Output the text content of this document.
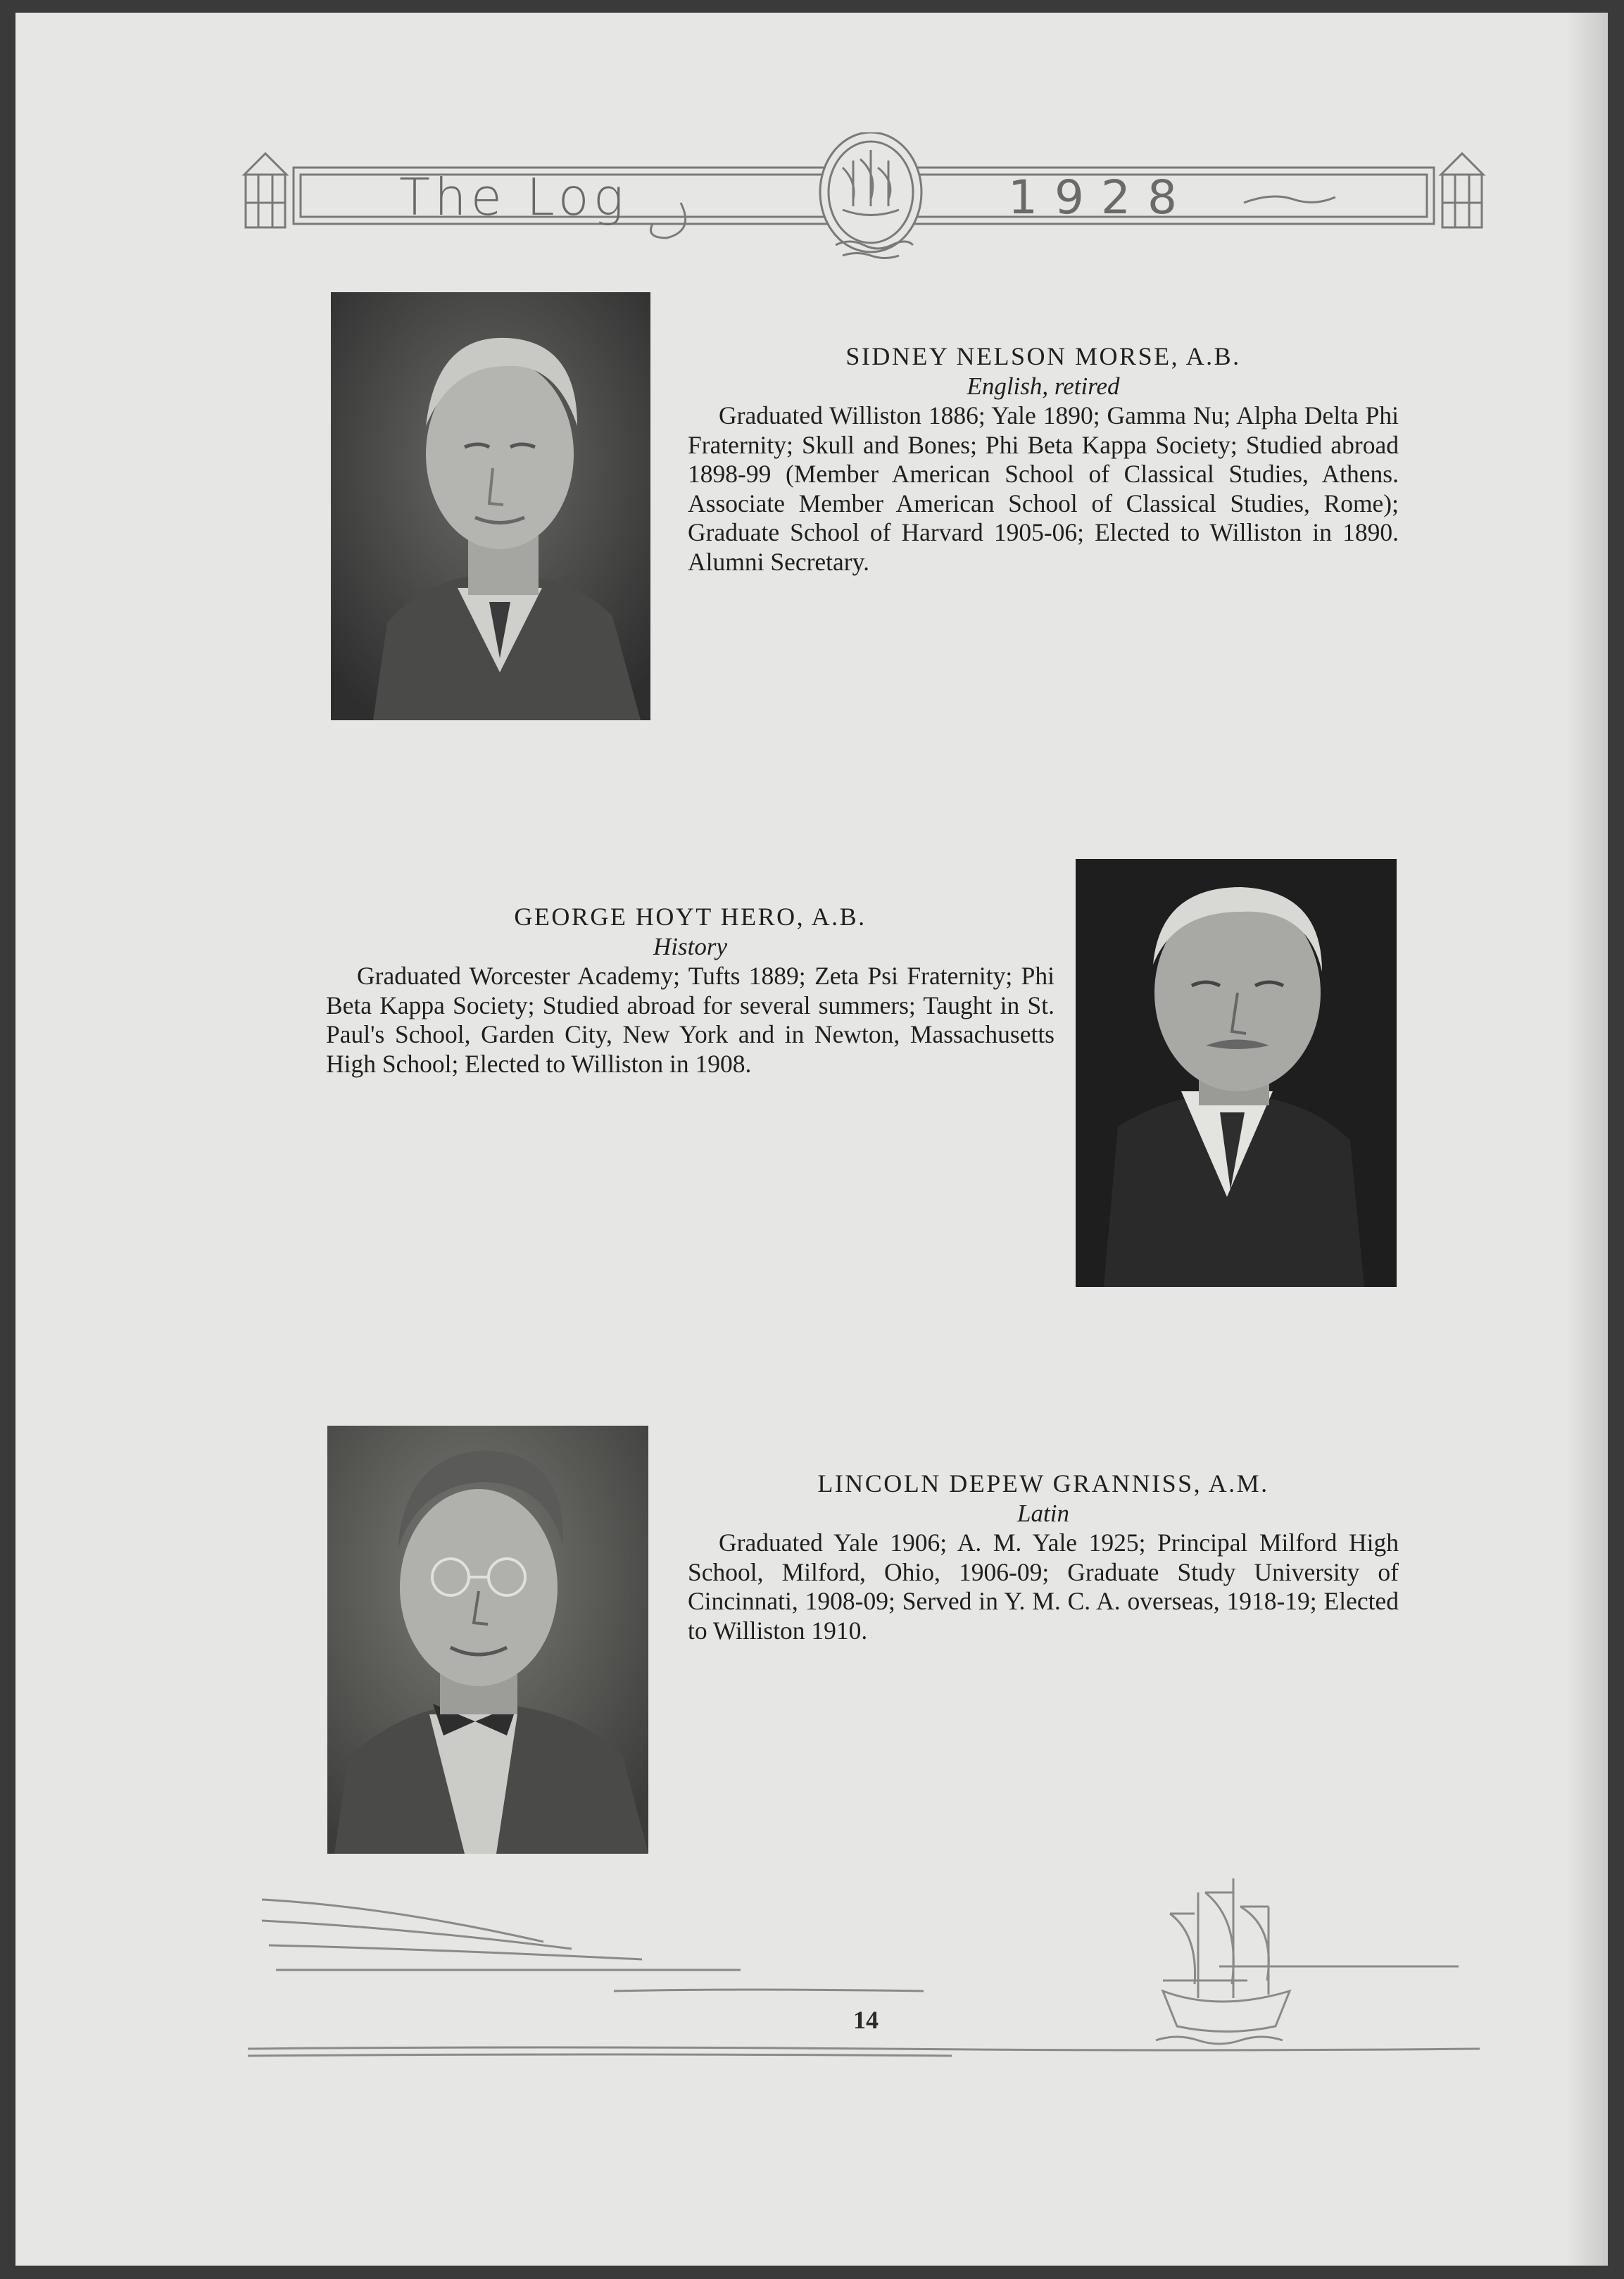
The Log	1928
SIDNEY NELSON MORSE, A.B.
English, retired

Graduated Williston 1886; Yale 1890; Gamma Nu; Alpha Delta Phi Fraternity; Skull and Bones; Phi Beta Kappa Society; Studied abroad 1898-99 (Member American School of Classical Studies, Athens. Associate Member American School of Classical Studies, Rome); Graduate School of Harvard 1905-06; Elected to Williston in 1890. Alumni Secretary.

GEORGE HOYT HERO, A.B.
History

Graduated Worcester Academy; Tufts 1889; Zeta Psi Fraternity; Phi Beta Kappa Society; Studied abroad for several summers; Taught in St. Paul's School, Garden City, New York and in Newton, Massachusetts High School; Elected to Williston in 1908.

LINCOLN DEPEW GRANNISS, A.M.
Latin

Graduated Yale 1906; A. M. Yale 1925; Principal Milford High School, Milford, Ohio, 1906-09; Graduate Study University of Cincinnati, 1908-09; Served in Y. M. C. A. overseas, 1918-19; Elected to Williston 1910.

14
